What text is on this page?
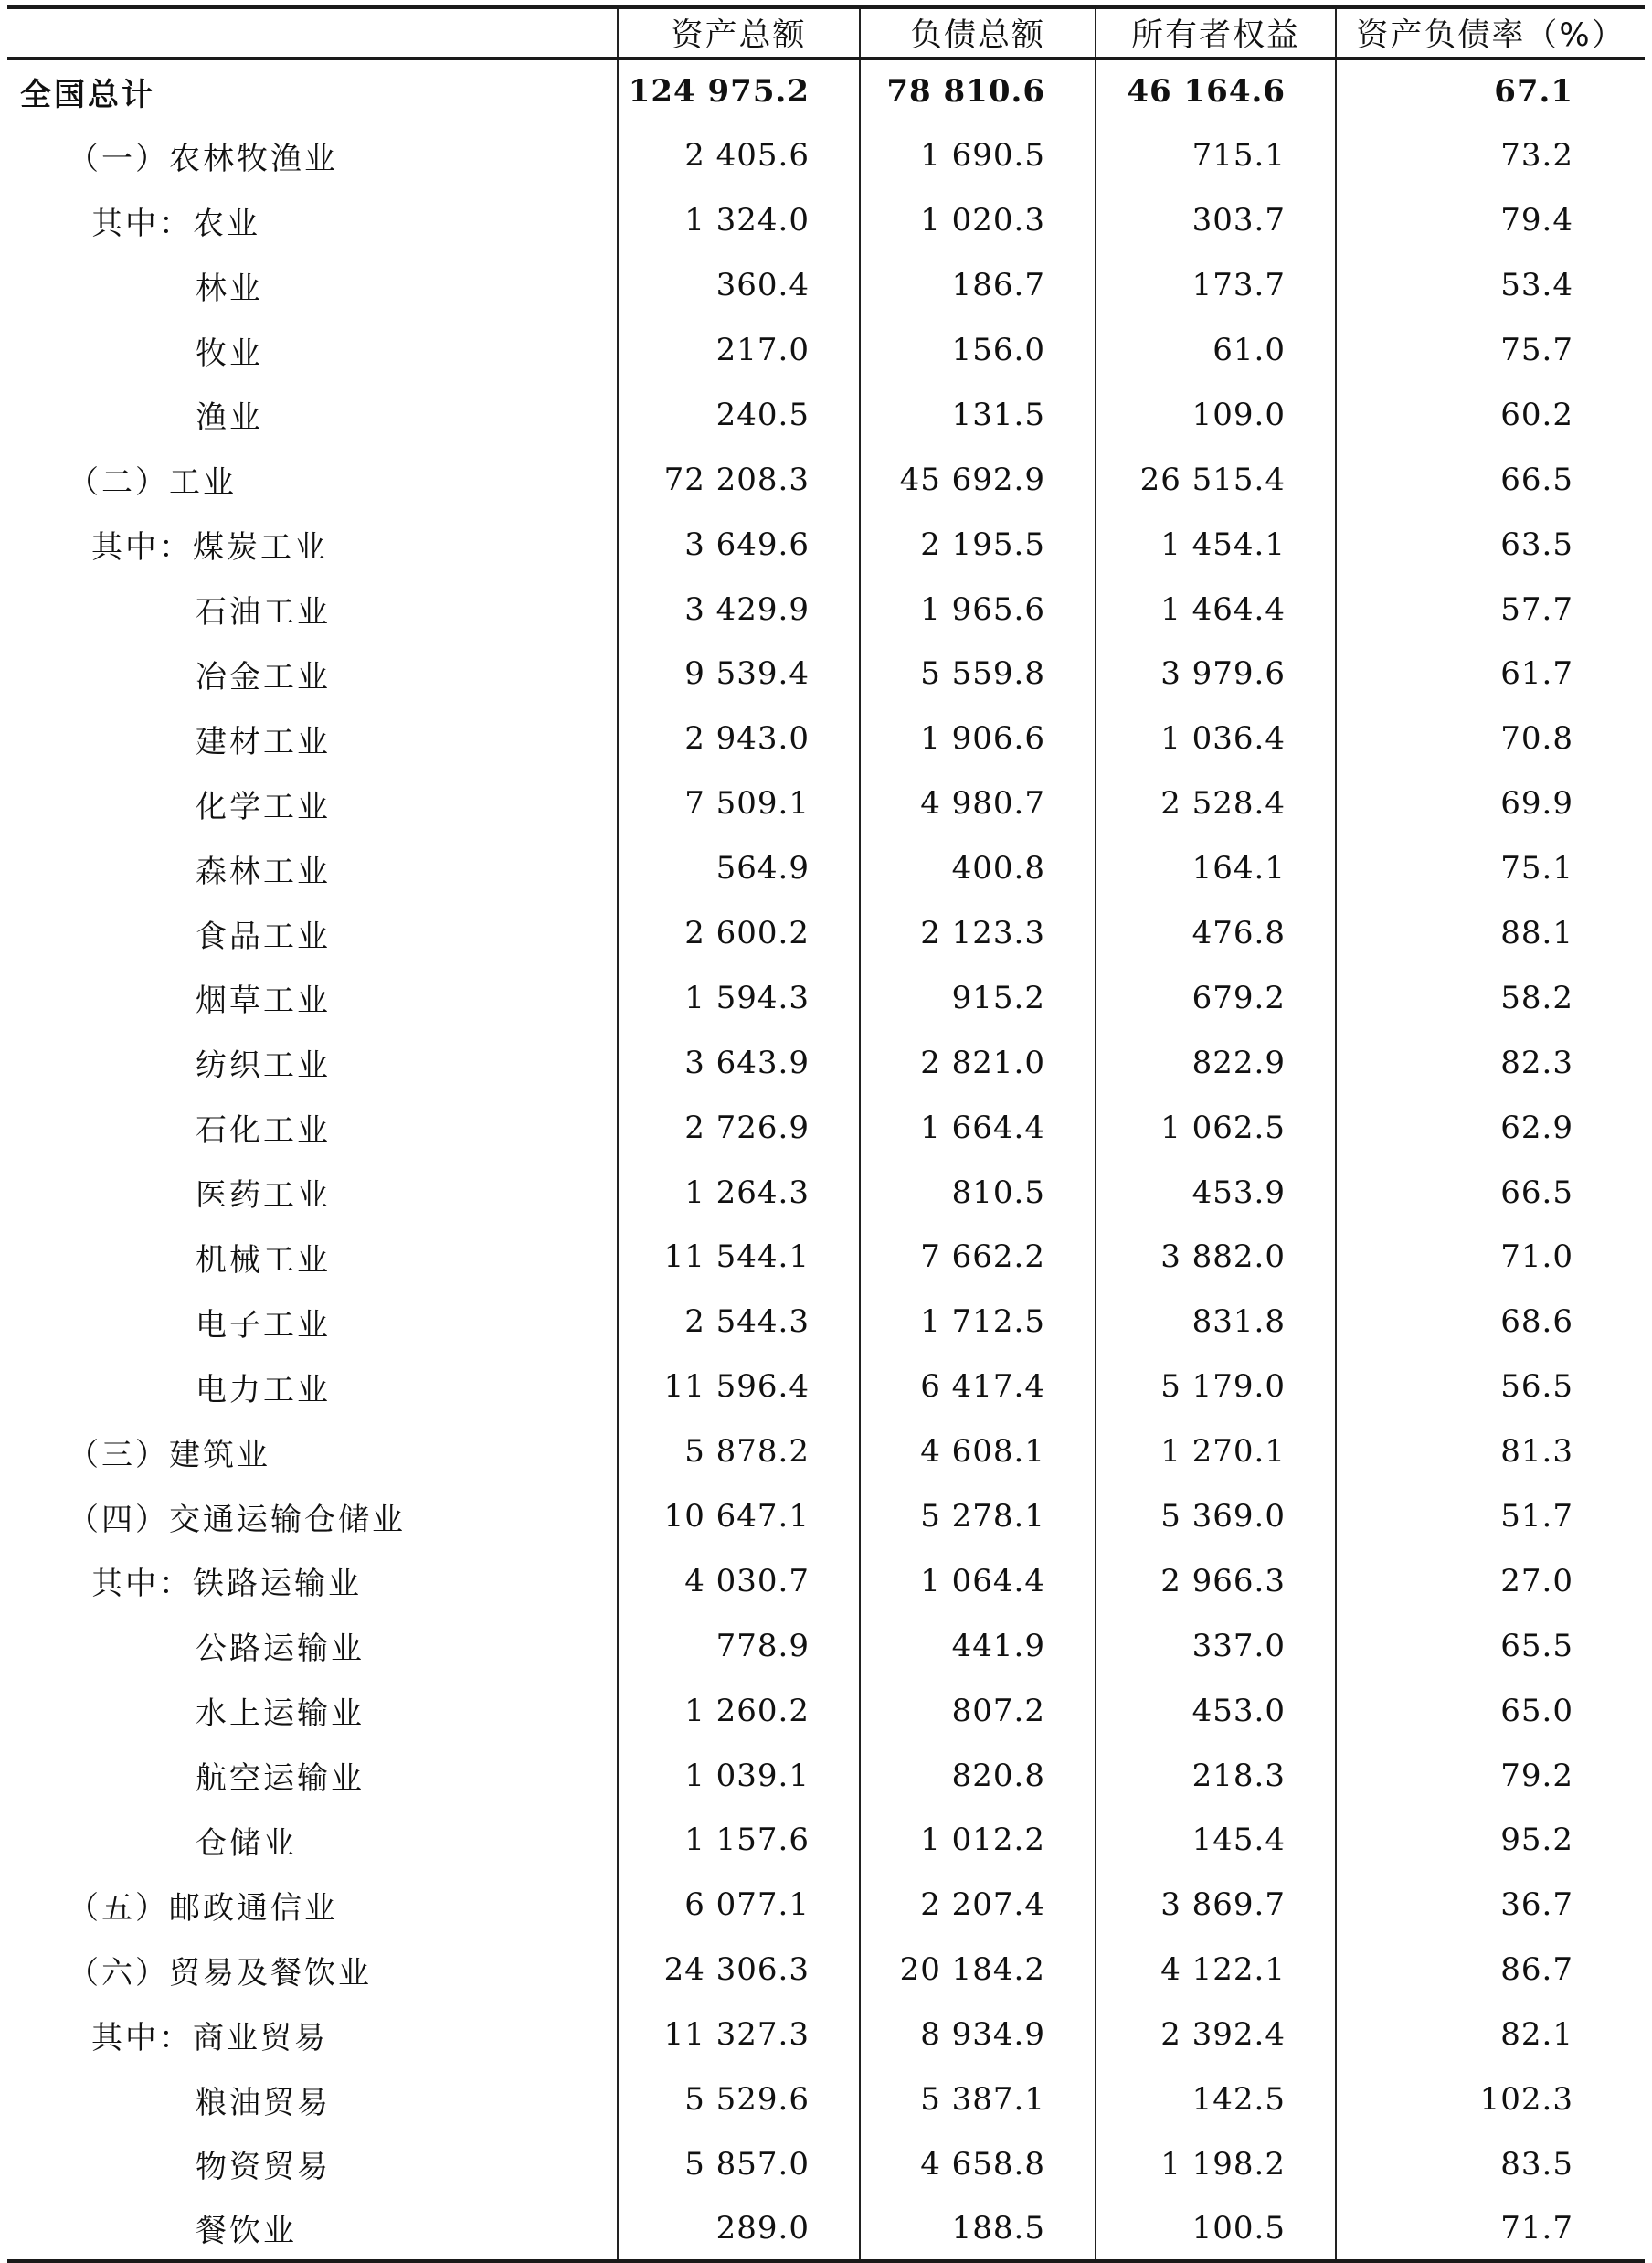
	资产总额	负债总额	所有者权益	资产负债率（%）
全国总计	124 975.2	78 810.6	46 164.6	67.1
（一）农林牧渔业	2 405.6	1 690.5	715.1	73.2
其中：农业	1 324.0	1 020.3	303.7	79.4
林业	360.4	186.7	173.7	53.4
牧业	217.0	156.0	61.0	75.7
渔业	240.5	131.5	109.0	60.2
（二）工业	72 208.3	45 692.9	26 515.4	66.5
其中：煤炭工业	3 649.6	2 195.5	1 454.1	63.5
石油工业	3 429.9	1 965.6	1 464.4	57.7
冶金工业	9 539.4	5 559.8	3 979.6	61.7
建材工业	2 943.0	1 906.6	1 036.4	70.8
化学工业	7 509.1	4 980.7	2 528.4	69.9
森林工业	564.9	400.8	164.1	75.1
食品工业	2 600.2	2 123.3	476.8	88.1
烟草工业	1 594.3	915.2	679.2	58.2
纺织工业	3 643.9	2 821.0	822.9	82.3
石化工业	2 726.9	1 664.4	1 062.5	62.9
医药工业	1 264.3	810.5	453.9	66.5
机械工业	11 544.1	7 662.2	3 882.0	71.0
电子工业	2 544.3	1 712.5	831.8	68.6
电力工业	11 596.4	6 417.4	5 179.0	56.5
（三）建筑业	5 878.2	4 608.1	1 270.1	81.3
（四）交通运输仓储业	10 647.1	5 278.1	5 369.0	51.7
其中：铁路运输业	4 030.7	1 064.4	2 966.3	27.0
公路运输业	778.9	441.9	337.0	65.5
水上运输业	1 260.2	807.2	453.0	65.0
航空运输业	1 039.1	820.8	218.3	79.2
仓储业	1 157.6	1 012.2	145.4	95.2
（五）邮政通信业	6 077.1	2 207.4	3 869.7	36.7
（六）贸易及餐饮业	24 306.3	20 184.2	4 122.1	86.7
其中：商业贸易	11 327.3	8 934.9	2 392.4	82.1
粮油贸易	5 529.6	5 387.1	142.5	102.3
物资贸易	5 857.0	4 658.8	1 198.2	83.5
餐饮业	289.0	188.5	100.5	71.7
